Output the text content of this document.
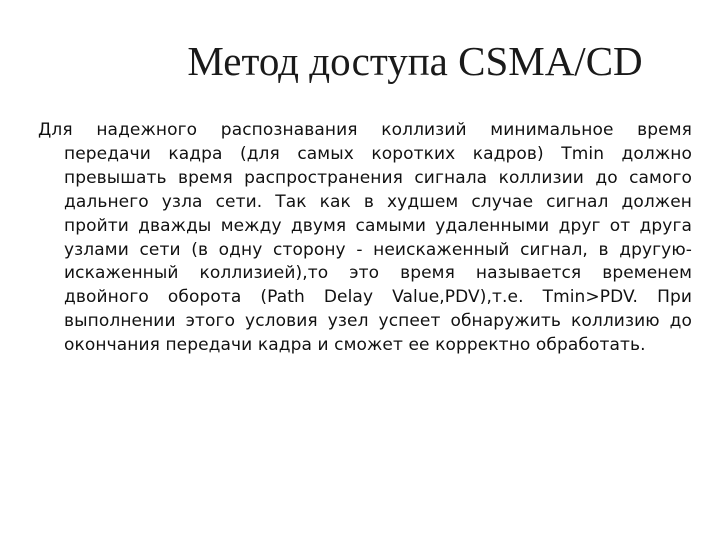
Метод доступа CSMA/CD

Для надежного распознавания коллизий минимальное время передачи кадра (для самых коротких кадров) Tmin должно превышать время распространения сигнала коллизии до самого дальнего узла сети. Так как в худшем случае сигнал должен пройти дважды между двумя самыми удаленными друг от друга узлами сети (в одну сторону - неискаженный сигнал, в другую-искаженный коллизией),то это время называется временем двойного оборота (Path Delay Value,PDV),т.е. Tmin>PDV. При выполнении этого условия узел успеет обнаружить коллизию до окончания передачи кадра и сможет ее корректно обработать.
